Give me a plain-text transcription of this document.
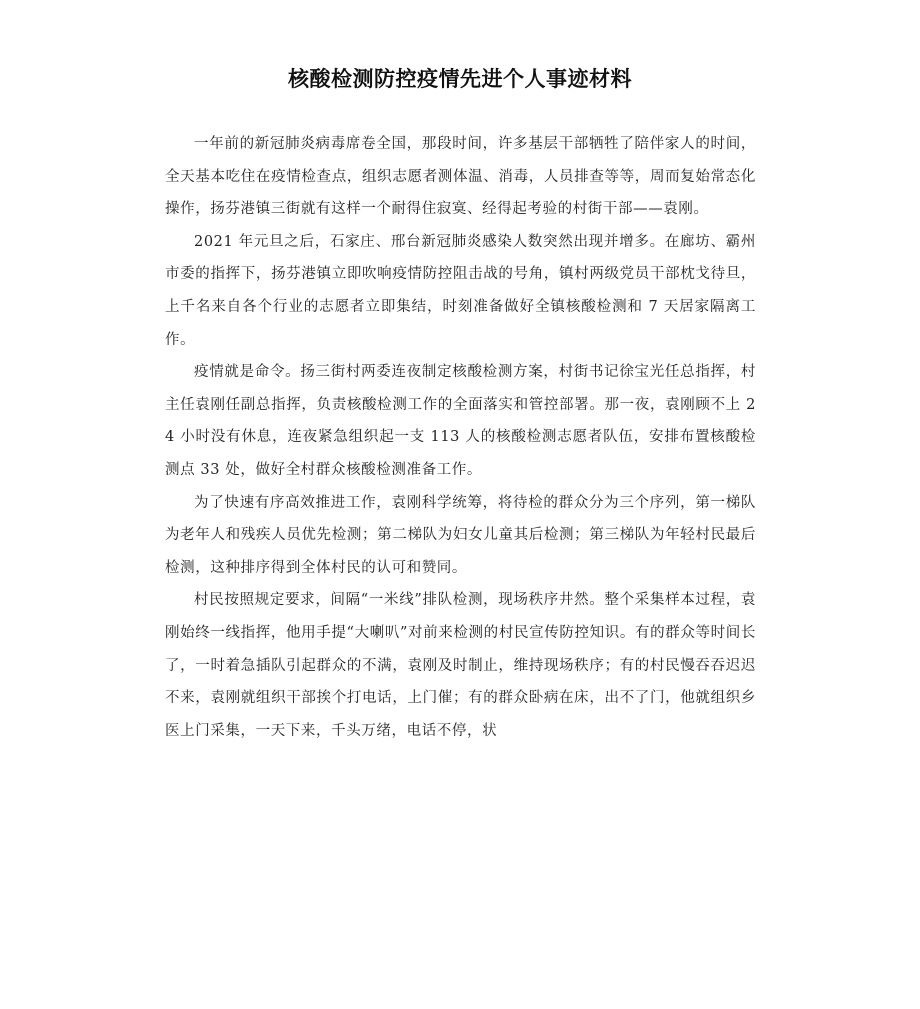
核酸检测防控疫情先进个人事迹材料

一年前的新冠肺炎病毒席卷全国，那段时间，许多基层干部牺牲了陪伴家人的时间，全天基本吃住在疫情检查点，组织志愿者测体温、消毒，人员排查等等，周而复始常态化操作，扬芬港镇三街就有这样一个耐得住寂寞、经得起考验的村街干部——袁刚。

2021 年元旦之后，石家庄、邢台新冠肺炎感染人数突然出现并增多。在廊坊、霸州市委的指挥下，扬芬港镇立即吹响疫情防控阻击战的号角，镇村两级党员干部枕戈待旦，上千名来自各个行业的志愿者立即集结，时刻准备做好全镇核酸检测和 7 天居家隔离工作。

疫情就是命令。扬三街村两委连夜制定核酸检测方案，村街书记徐宝光任总指挥，村主任袁刚任副总指挥，负责核酸检测工作的全面落实和管控部署。那一夜，袁刚顾不上 24 小时没有休息，连夜紧急组织起一支 113 人的核酸检测志愿者队伍，安排布置核酸检测点 33 处，做好全村群众核酸检测准备工作。

为了快速有序高效推进工作，袁刚科学统筹，将待检的群众分为三个序列，第一梯队为老年人和残疾人员优先检测；第二梯队为妇女儿童其后检测；第三梯队为年轻村民最后检测，这种排序得到全体村民的认可和赞同。

村民按照规定要求，间隔“一米线”排队检测，现场秩序井然。整个采集样本过程，袁刚始终一线指挥，他用手提“大喇叭”对前来检测的村民宣传防控知识。有的群众等时间长了，一时着急插队引起群众的不满，袁刚及时制止，维持现场秩序；有的村民慢吞吞迟迟不来，袁刚就组织干部挨个打电话，上门催；有的群众卧病在床，出不了门，他就组织乡医上门采集，一天下来，千头万绪，电话不停，状
